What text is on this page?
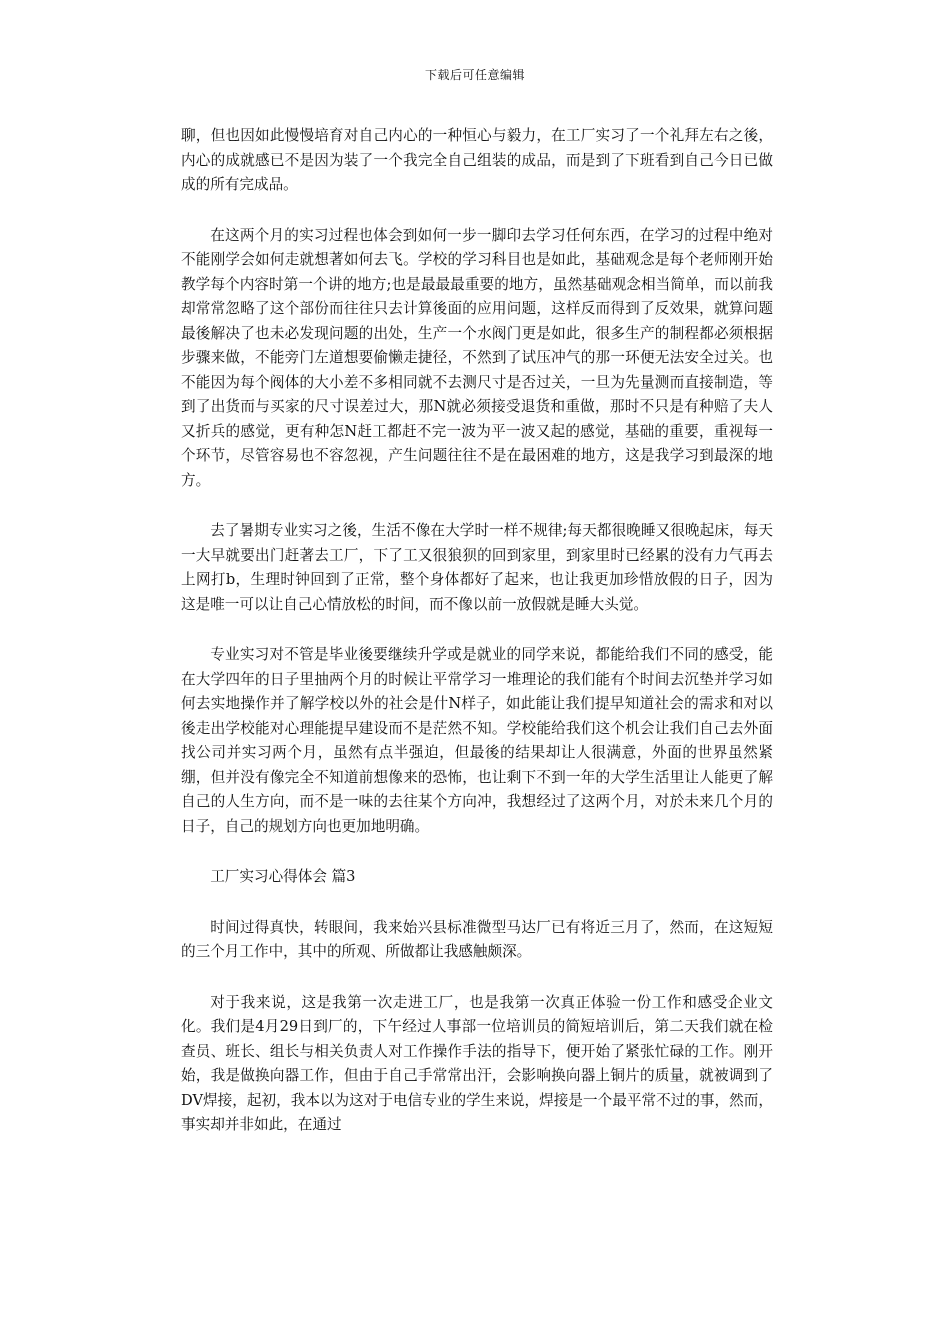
下载后可任意编辑

聊，但也因如此慢慢培育对自己内心的一种恒心与毅力，在工厂实习了一个礼拜左右之後，内心的成就感已不是因为装了一个我完全自己组装的成品，而是到了下班看到自己今日已做成的所有完成品。

在这两个月的实习过程也体会到如何一步一脚印去学习任何东西，在学习的过程中绝对不能刚学会如何走就想著如何去飞。学校的学习科目也是如此，基础观念是每个老师刚开始教学每个内容时第一个讲的地方;也是最最最重要的地方，虽然基础观念相当简单，而以前我却常常忽略了这个部份而往往只去计算後面的应用问题，这样反而得到了反效果，就算问题最後解决了也未必发现问题的出处，生产一个水阀门更是如此，很多生产的制程都必须根据步骤来做，不能旁门左道想要偷懒走捷径，不然到了试压冲气的那一环便无法安全过关。也不能因为每个阀体的大小差不多相同就不去测尺寸是否过关，一旦为先量测而直接制造，等到了出货而与买家的尺寸误差过大，那N就必须接受退货和重做，那时不只是有种赔了夫人又折兵的感觉，更有种怎N赶工都赶不完一波为平一波又起的感觉，基础的重要，重视每一个环节，尽管容易也不容忽视，产生问题往往不是在最困难的地方，这是我学习到最深的地方。

去了暑期专业实习之後，生活不像在大学时一样不规律;每天都很晚睡又很晚起床，每天一大早就要出门赶著去工厂，下了工又很狼狈的回到家里，到家里时已经累的没有力气再去上网打b，生理时钟回到了正常，整个身体都好了起来，也让我更加珍惜放假的日子，因为这是唯一可以让自己心情放松的时间，而不像以前一放假就是睡大头觉。

专业实习对不管是毕业後要继续升学或是就业的同学来说，都能给我们不同的感受，能在大学四年的日子里抽两个月的时候让平常学习一堆理论的我们能有个时间去沉垫并学习如何去实地操作并了解学校以外的社会是什N样子，如此能让我们提早知道社会的需求和对以後走出学校能对心理能提早建设而不是茫然不知。学校能给我们这个机会让我们自己去外面找公司并实习两个月，虽然有点半强迫，但最後的结果却让人很满意，外面的世界虽然紧绷，但并没有像完全不知道前想像来的恐怖，也让剩下不到一年的大学生活里让人能更了解自己的人生方向，而不是一味的去往某个方向冲，我想经过了这两个月，对於未来几个月的日子，自己的规划方向也更加地明确。

工厂实习心得体会 篇3

时间过得真快，转眼间，我来始兴县标准微型马达厂已有将近三月了，然而，在这短短的三个月工作中，其中的所观、所做都让我感触颇深。

对于我来说，这是我第一次走进工厂，也是我第一次真正体验一份工作和感受企业文化。我们是4月29日到厂的，下午经过人事部一位培训员的简短培训后，第二天我们就在检查员、班长、组长与相关负责人对工作操作手法的指导下，便开始了紧张忙碌的工作。刚开始，我是做换向器工作，但由于自己手常常出汗，会影响换向器上铜片的质量，就被调到了DV焊接，起初，我本以为这对于电信专业的学生来说，焊接是一个最平常不过的事，然而，事实却并非如此，在通过
